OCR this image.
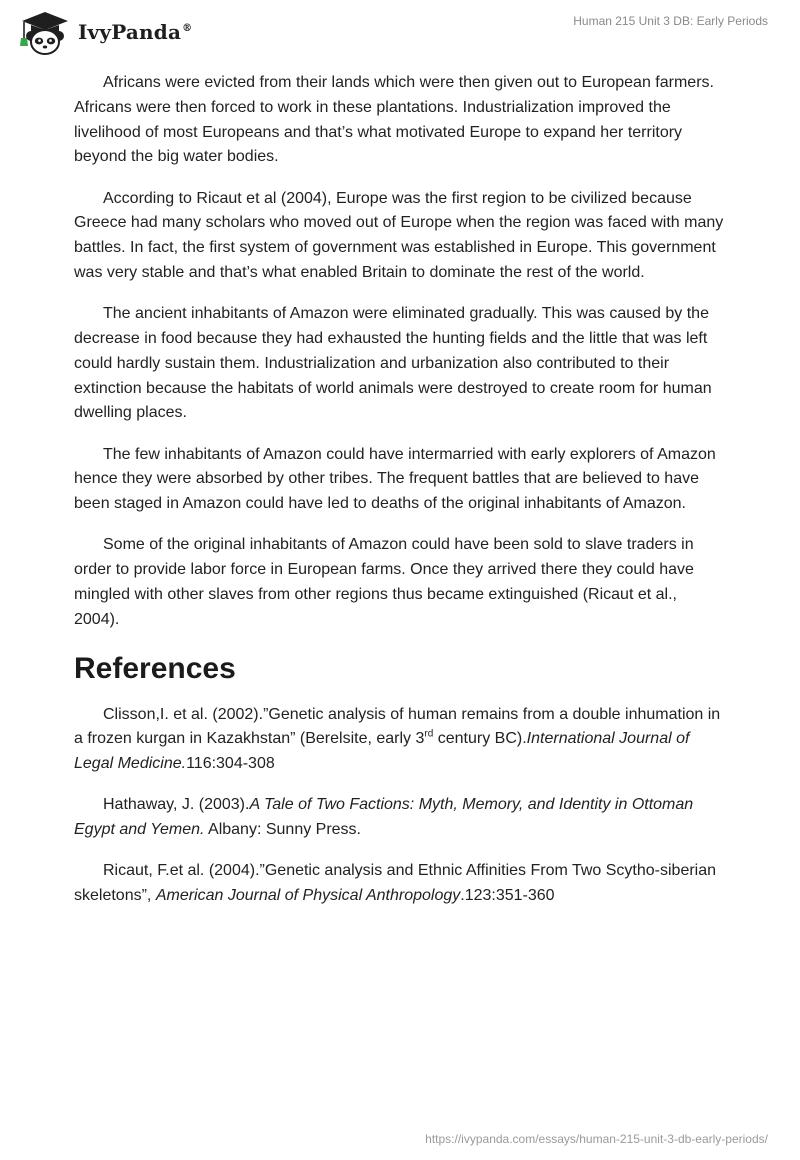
IvyPanda®
Human 215 Unit 3 DB: Early Periods

Africans were evicted from their lands which were then given out to European farmers. Africans were then forced to work in these plantations. Industrialization improved the livelihood of most Europeans and that’s what motivated Europe to expand her territory beyond the big water bodies.

According to Ricaut et al (2004), Europe was the first region to be civilized because Greece had many scholars who moved out of Europe when the region was faced with many battles. In fact, the first system of government was established in Europe. This government was very stable and that’s what enabled Britain to dominate the rest of the world.

The ancient inhabitants of Amazon were eliminated gradually. This was caused by the decrease in food because they had exhausted the hunting fields and the little that was left could hardly sustain them. Industrialization and urbanization also contributed to their extinction because the habitats of world animals were destroyed to create room for human dwelling places.

The few inhabitants of Amazon could have intermarried with early explorers of Amazon hence they were absorbed by other tribes. The frequent battles that are believed to have been staged in Amazon could have led to deaths of the original inhabitants of Amazon.

Some of the original inhabitants of Amazon could have been sold to slave traders in order to provide labor force in European farms. Once they arrived there they could have mingled with other slaves from other regions thus became extinguished (Ricaut et al., 2004).

References

Clisson,I. et al. (2002).”Genetic analysis of human remains from a double inhumation in a frozen kurgan in Kazakhstan” (Berelsite, early 3rd century BC).International Journal of Legal Medicine.116:304-308

Hathaway, J. (2003).A Tale of Two Factions: Myth, Memory, and Identity in Ottoman Egypt and Yemen. Albany: Sunny Press.

Ricaut, F.et al. (2004).”Genetic analysis and Ethnic Affinities From Two Scytho-siberian skeletons”, American Journal of Physical Anthropology.123:351-360

https://ivypanda.com/essays/human-215-unit-3-db-early-periods/
